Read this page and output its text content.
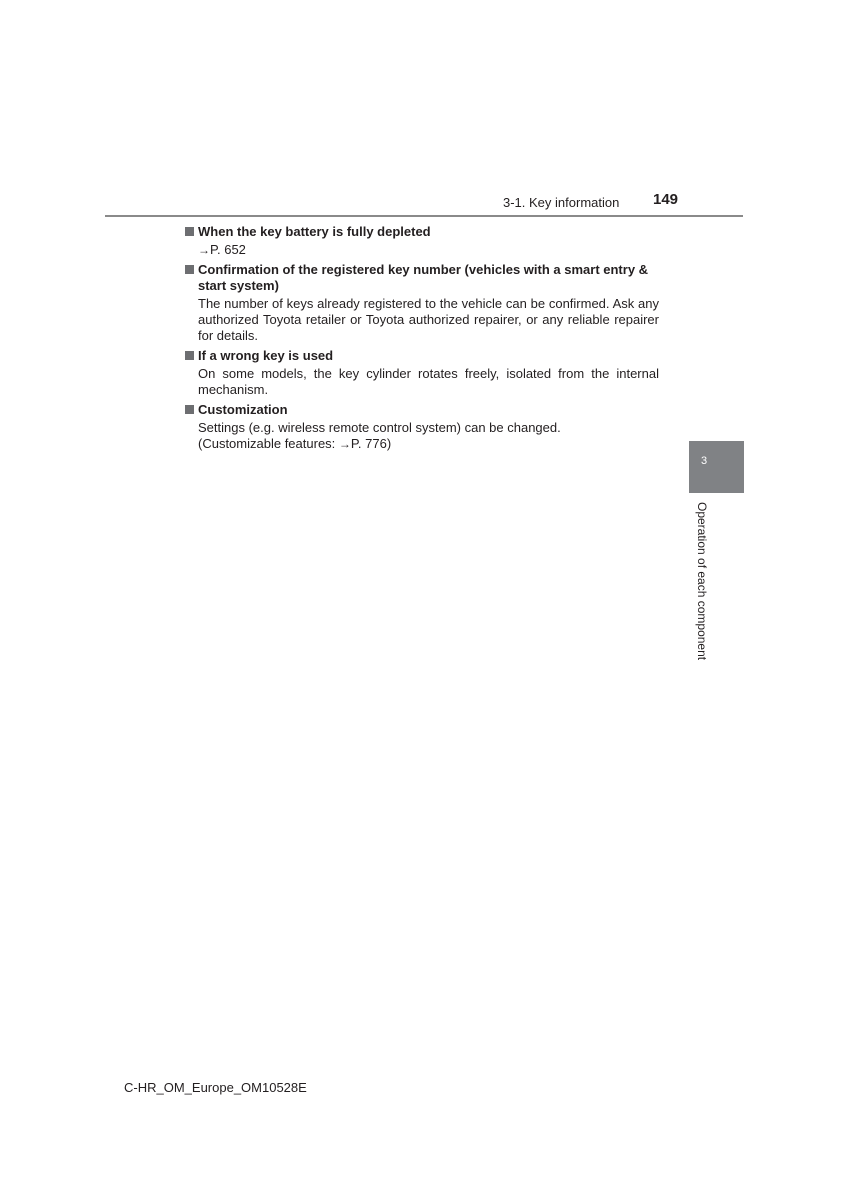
3-1. Key information 149
When the key battery is fully depleted
→P. 652
Confirmation of the registered key number (vehicles with a smart entry & start system)
The number of keys already registered to the vehicle can be confirmed. Ask any authorized Toyota retailer or Toyota authorized repairer, or any reliable repairer for details.
If a wrong key is used
On some models, the key cylinder rotates freely, isolated from the internal mechanism.
Customization
Settings (e.g. wireless remote control system) can be changed.
(Customizable features: →P. 776)
3
Operation of each component
C-HR_OM_Europe_OM10528E
